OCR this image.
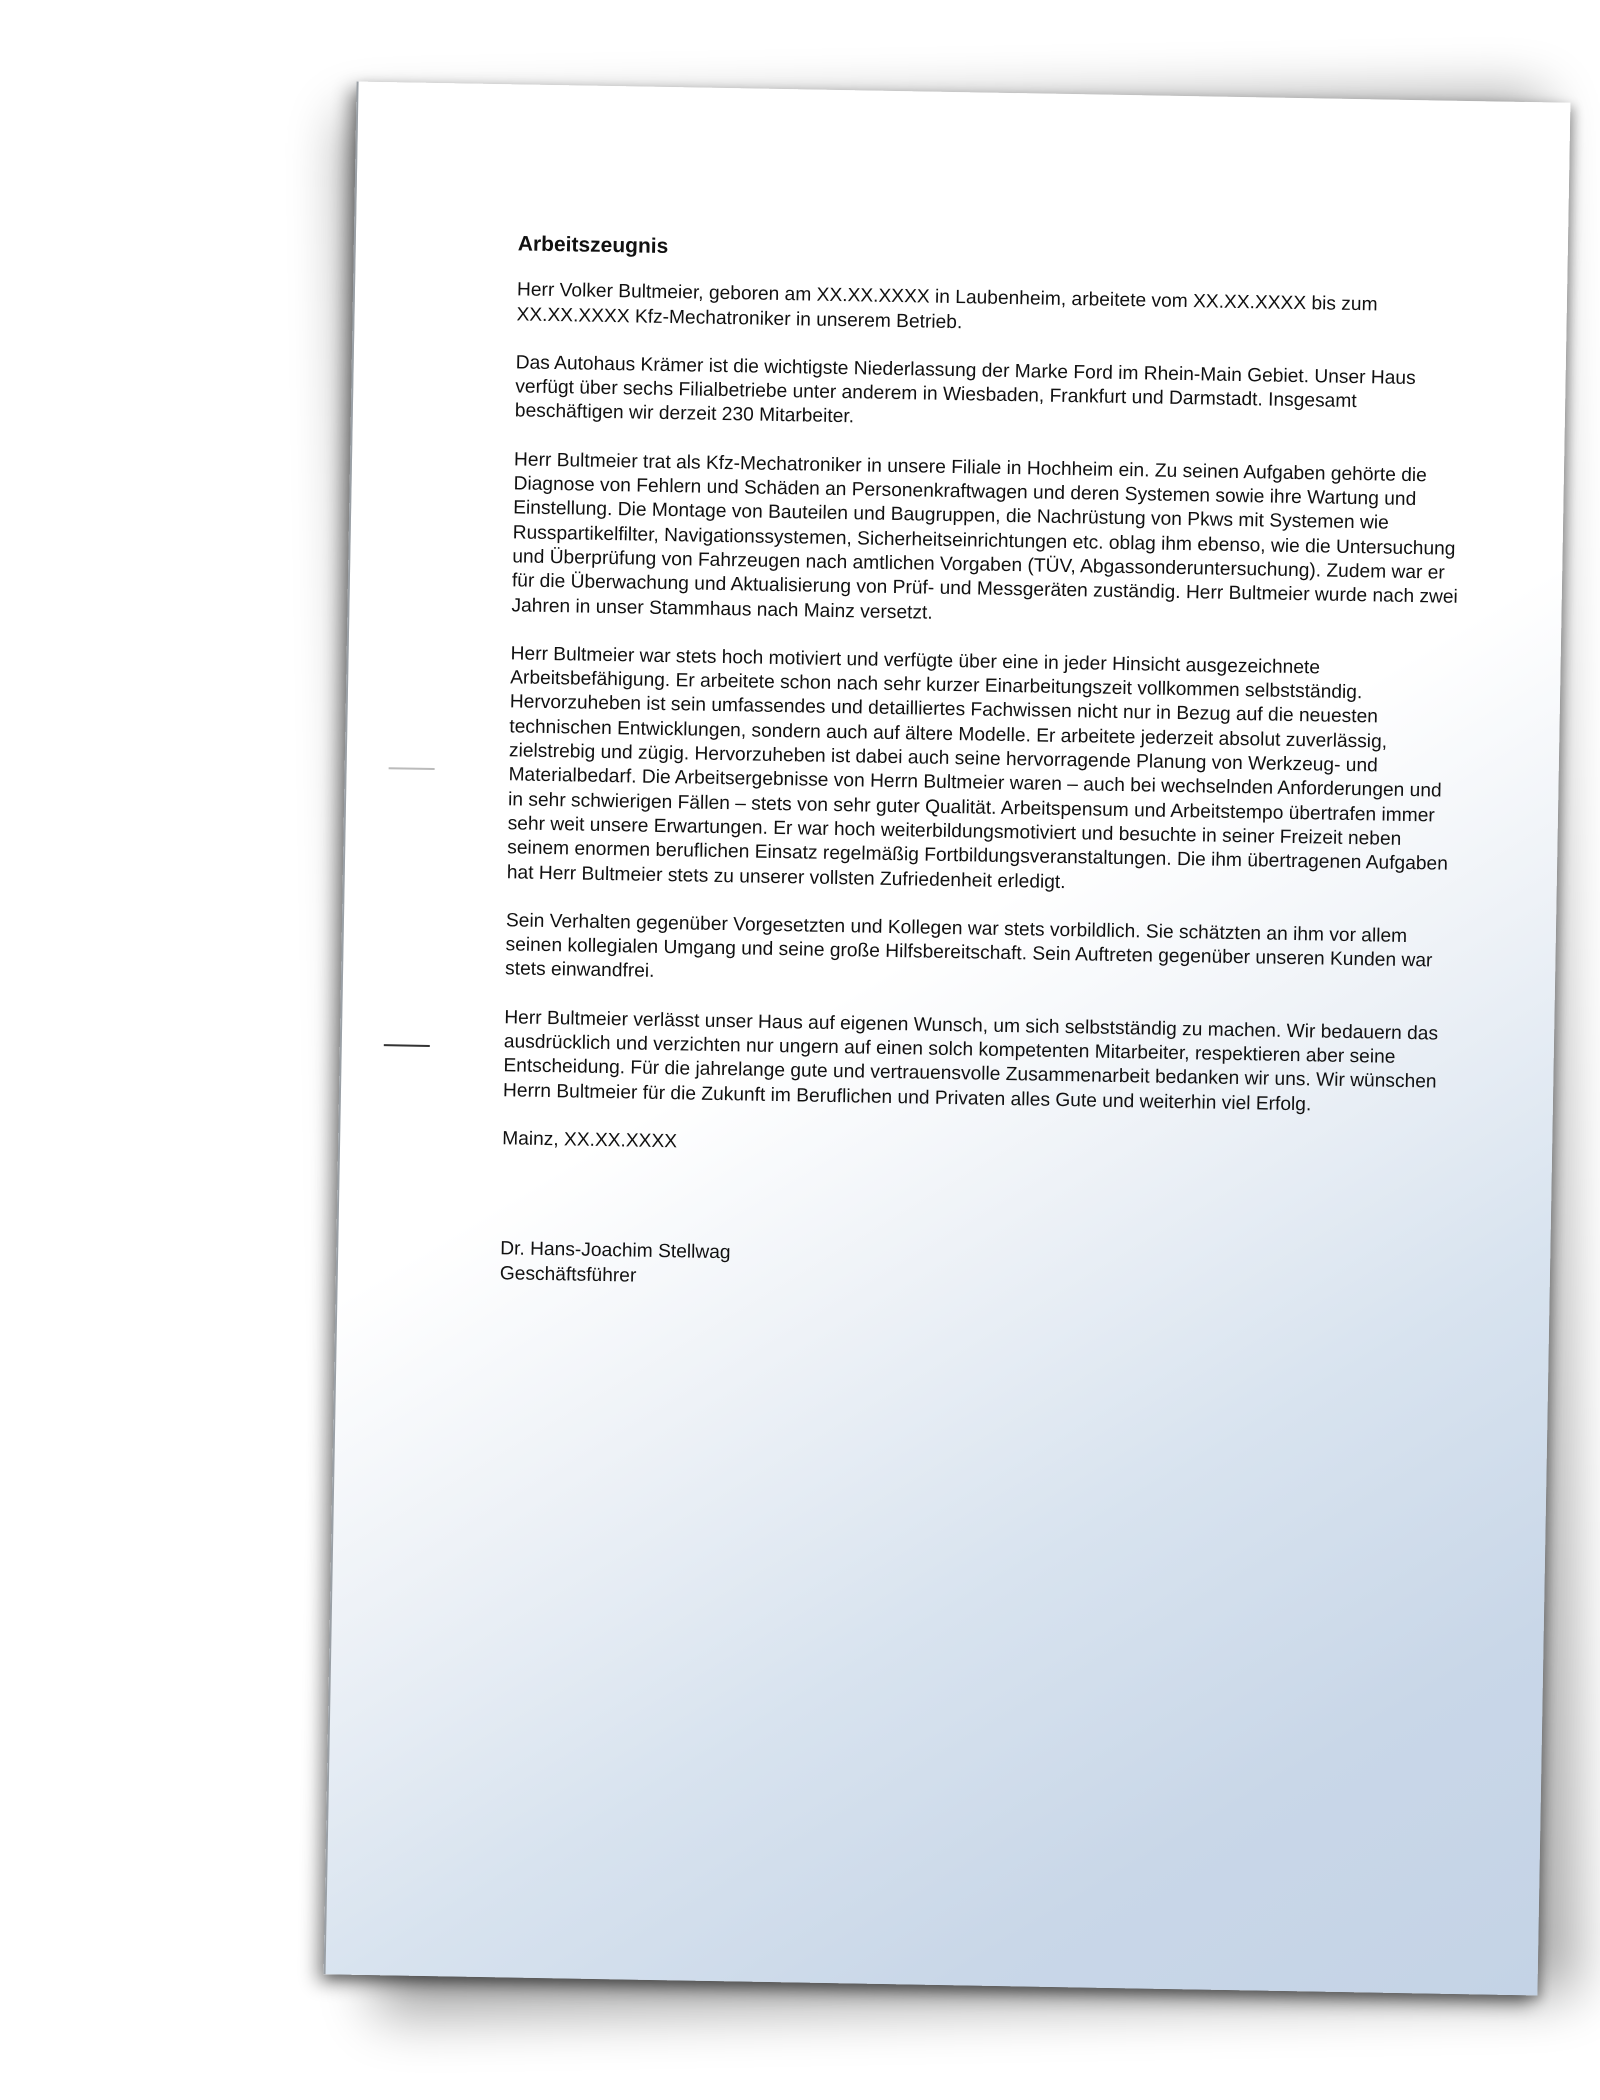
Arbeitszeugnis

Herr Volker Bultmeier, geboren am XX.XX.XXXX in Laubenheim, arbeitete vom XX.XX.XXXX bis zum XX.XX.XXXX Kfz-Mechatroniker in unserem Betrieb.

Das Autohaus Krämer ist die wichtigste Niederlassung der Marke Ford im Rhein-Main Gebiet. Unser Haus verfügt über sechs Filialbetriebe unter anderem in Wiesbaden, Frankfurt und Darmstadt. Insgesamt beschäftigen wir derzeit 230 Mitarbeiter.

Herr Bultmeier trat als Kfz-Mechatroniker in unsere Filiale in Hochheim ein. Zu seinen Aufgaben gehörte die Diagnose von Fehlern und Schäden an Personenkraftwagen und deren Systemen sowie ihre Wartung und Einstellung. Die Montage von Bauteilen und Baugruppen, die Nachrüstung von Pkws mit Systemen wie Russpartikelfilter, Navigationssystemen, Sicherheitseinrichtungen etc. oblag ihm ebenso, wie die Untersuchung und Überprüfung von Fahrzeugen nach amtlichen Vorgaben (TÜV, Abgassonderuntersuchung). Zudem war er für die Überwachung und Aktualisierung von Prüf- und Messgeräten zuständig. Herr Bultmeier wurde nach zwei Jahren in unser Stammhaus nach Mainz versetzt.

Herr Bultmeier war stets hoch motiviert und verfügte über eine in jeder Hinsicht ausgezeichnete Arbeitsbefähigung. Er arbeitete schon nach sehr kurzer Einarbeitungszeit vollkommen selbstständig. Hervorzuheben ist sein umfassendes und detailliertes Fachwissen nicht nur in Bezug auf die neuesten technischen Entwicklungen, sondern auch auf ältere Modelle. Er arbeitete jederzeit absolut zuverlässig, zielstrebig und zügig. Hervorzuheben ist dabei auch seine hervorragende Planung von Werkzeug- und Materialbedarf. Die Arbeitsergebnisse von Herrn Bultmeier waren – auch bei wechselnden Anforderungen und in sehr schwierigen Fällen – stets von sehr guter Qualität. Arbeitspensum und Arbeitstempo übertrafen immer sehr weit unsere Erwartungen. Er war hoch weiterbildungsmotiviert und besuchte in seiner Freizeit neben seinem enormen beruflichen Einsatz regelmäßig Fortbildungsveranstaltungen. Die ihm übertragenen Aufgaben hat Herr Bultmeier stets zu unserer vollsten Zufriedenheit erledigt.

Sein Verhalten gegenüber Vorgesetzten und Kollegen war stets vorbildlich. Sie schätzten an ihm vor allem seinen kollegialen Umgang und seine große Hilfsbereitschaft. Sein Auftreten gegenüber unseren Kunden war stets einwandfrei.

Herr Bultmeier verlässt unser Haus auf eigenen Wunsch, um sich selbstständig zu machen. Wir bedauern das ausdrücklich und verzichten nur ungern auf einen solch kompetenten Mitarbeiter, respektieren aber seine Entscheidung. Für die jahrelange gute und vertrauensvolle Zusammenarbeit bedanken wir uns. Wir wünschen Herrn Bultmeier für die Zukunft im Beruflichen und Privaten alles Gute und weiterhin viel Erfolg.

Mainz, XX.XX.XXXX

Dr. Hans-Joachim Stellwag

Geschäftsführer
